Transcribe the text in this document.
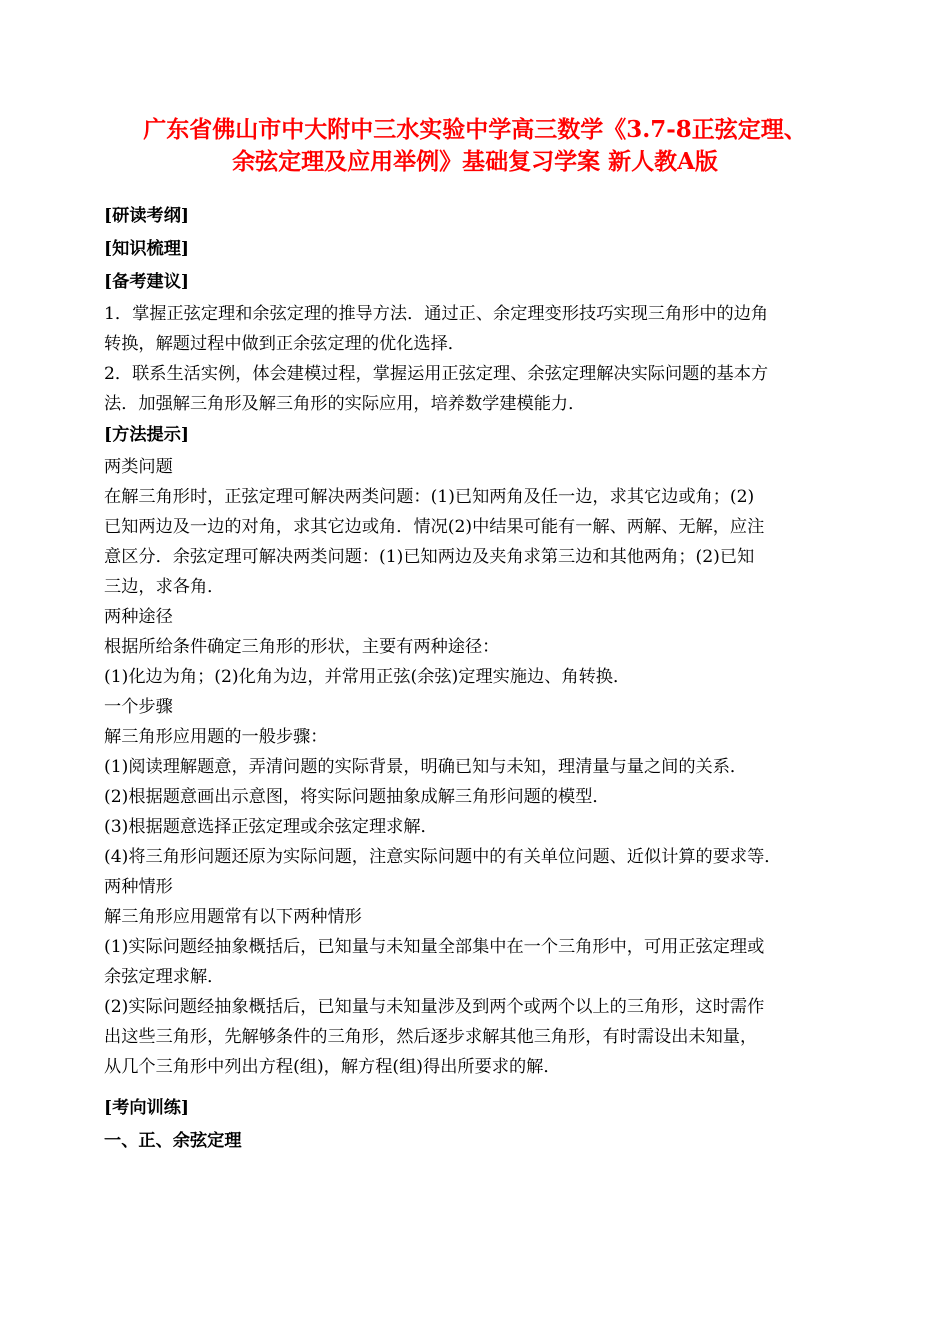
广东省佛山市中大附中三水实验中学高三数学《3.7-8正弦定理、
余弦定理及应用举例》基础复习学案 新人教A版
[研读考纲]
[知识梳理]
[备考建议]
1．掌握正弦定理和余弦定理的推导方法．通过正、余定理变形技巧实现三角形中的边角
转换，解题过程中做到正余弦定理的优化选择．
2．联系生活实例，体会建模过程，掌握运用正弦定理、余弦定理解决实际问题的基本方
法．加强解三角形及解三角形的实际应用，培养数学建模能力．
[方法提示]
两类问题
在解三角形时，正弦定理可解决两类问题：(1)已知两角及任一边，求其它边或角；(2)
已知两边及一边的对角，求其它边或角．情况(2)中结果可能有一解、两解、无解，应注
意区分．余弦定理可解决两类问题：(1)已知两边及夹角求第三边和其他两角；(2)已知
三边，求各角．
两种途径
根据所给条件确定三角形的形状，主要有两种途径：
(1)化边为角；(2)化角为边，并常用正弦(余弦)定理实施边、角转换．
一个步骤
解三角形应用题的一般步骤：
(1)阅读理解题意，弄清问题的实际背景，明确已知与未知，理清量与量之间的关系．
(2)根据题意画出示意图，将实际问题抽象成解三角形问题的模型．
(3)根据题意选择正弦定理或余弦定理求解．
(4)将三角形问题还原为实际问题，注意实际问题中的有关单位问题、近似计算的要求等．
两种情形
解三角形应用题常有以下两种情形
(1)实际问题经抽象概括后，已知量与未知量全部集中在一个三角形中，可用正弦定理或
余弦定理求解．
(2)实际问题经抽象概括后，已知量与未知量涉及到两个或两个以上的三角形，这时需作
出这些三角形，先解够条件的三角形，然后逐步求解其他三角形，有时需设出未知量，
从几个三角形中列出方程(组)，解方程(组)得出所要求的解．
[考向训练]
一、正、余弦定理
